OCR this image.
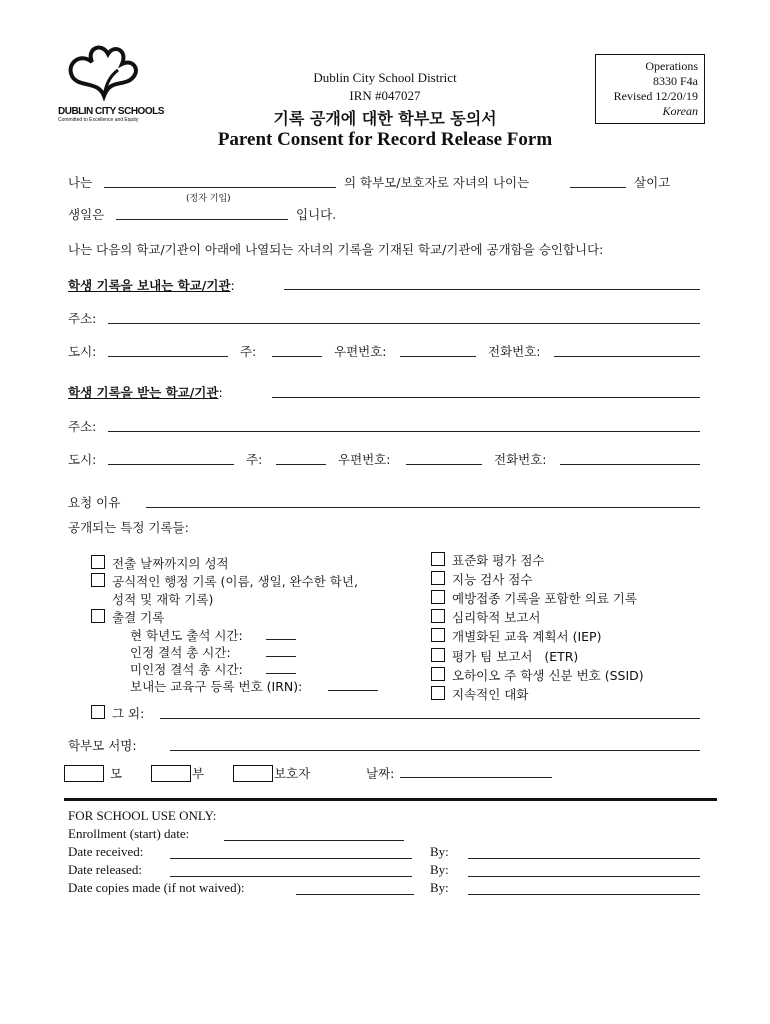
DUBLIN CITY SCHOOLS
Committed to Excellence and Equity
Dublin City School District
IRN #047027
기록 공개에 대한 학부모 동의서
Parent Consent for Record Release Form
Operations
8330 F4a
Revised 12/20/19
Korean
나는	의 학부모/보호자로 자녀의 나이는	살이고
(정자 기입)
생일은	입니다.
나는 다음의 학교/기관이 아래에 나열되는 자녀의 기록을 기재된 학교/기관에 공개함을 승인합니다:
학생 기록을 보내는 학교/기관:
주소:
도시:	주:	우편번호:	전화번호:
학생 기록을 받는 학교/기관:
주소:
도시:	주:	우편번호:	전화번호:
요청 이유
공개되는 특정 기록들:
전출 날짜까지의 성적
공식적인 행정 기록 (이름, 생일, 완수한 학년,
성적 및 재학 기록)
출결 기록
현 학년도 출석 시간:
인정 결석 총 시간:
미인정 결석 총 시간:
보내는 교육구 등록 번호 (IRN):
그 외:
표준화 평가 점수
지능 검사 점수
예방접종 기록을 포함한 의료 기록
심리학적 보고서
개별화된 교육 계획서 (IEP)
평가 팀 보고서   (ETR)
오하이오 주 학생 신분 번호 (SSID)
지속적인 대화
학부모 서명:
모	부	보호자	날짜:
FOR SCHOOL USE ONLY:
Enrollment (start) date:
Date received:	By:
Date released:	By:
Date copies made (if not waived):	By:
